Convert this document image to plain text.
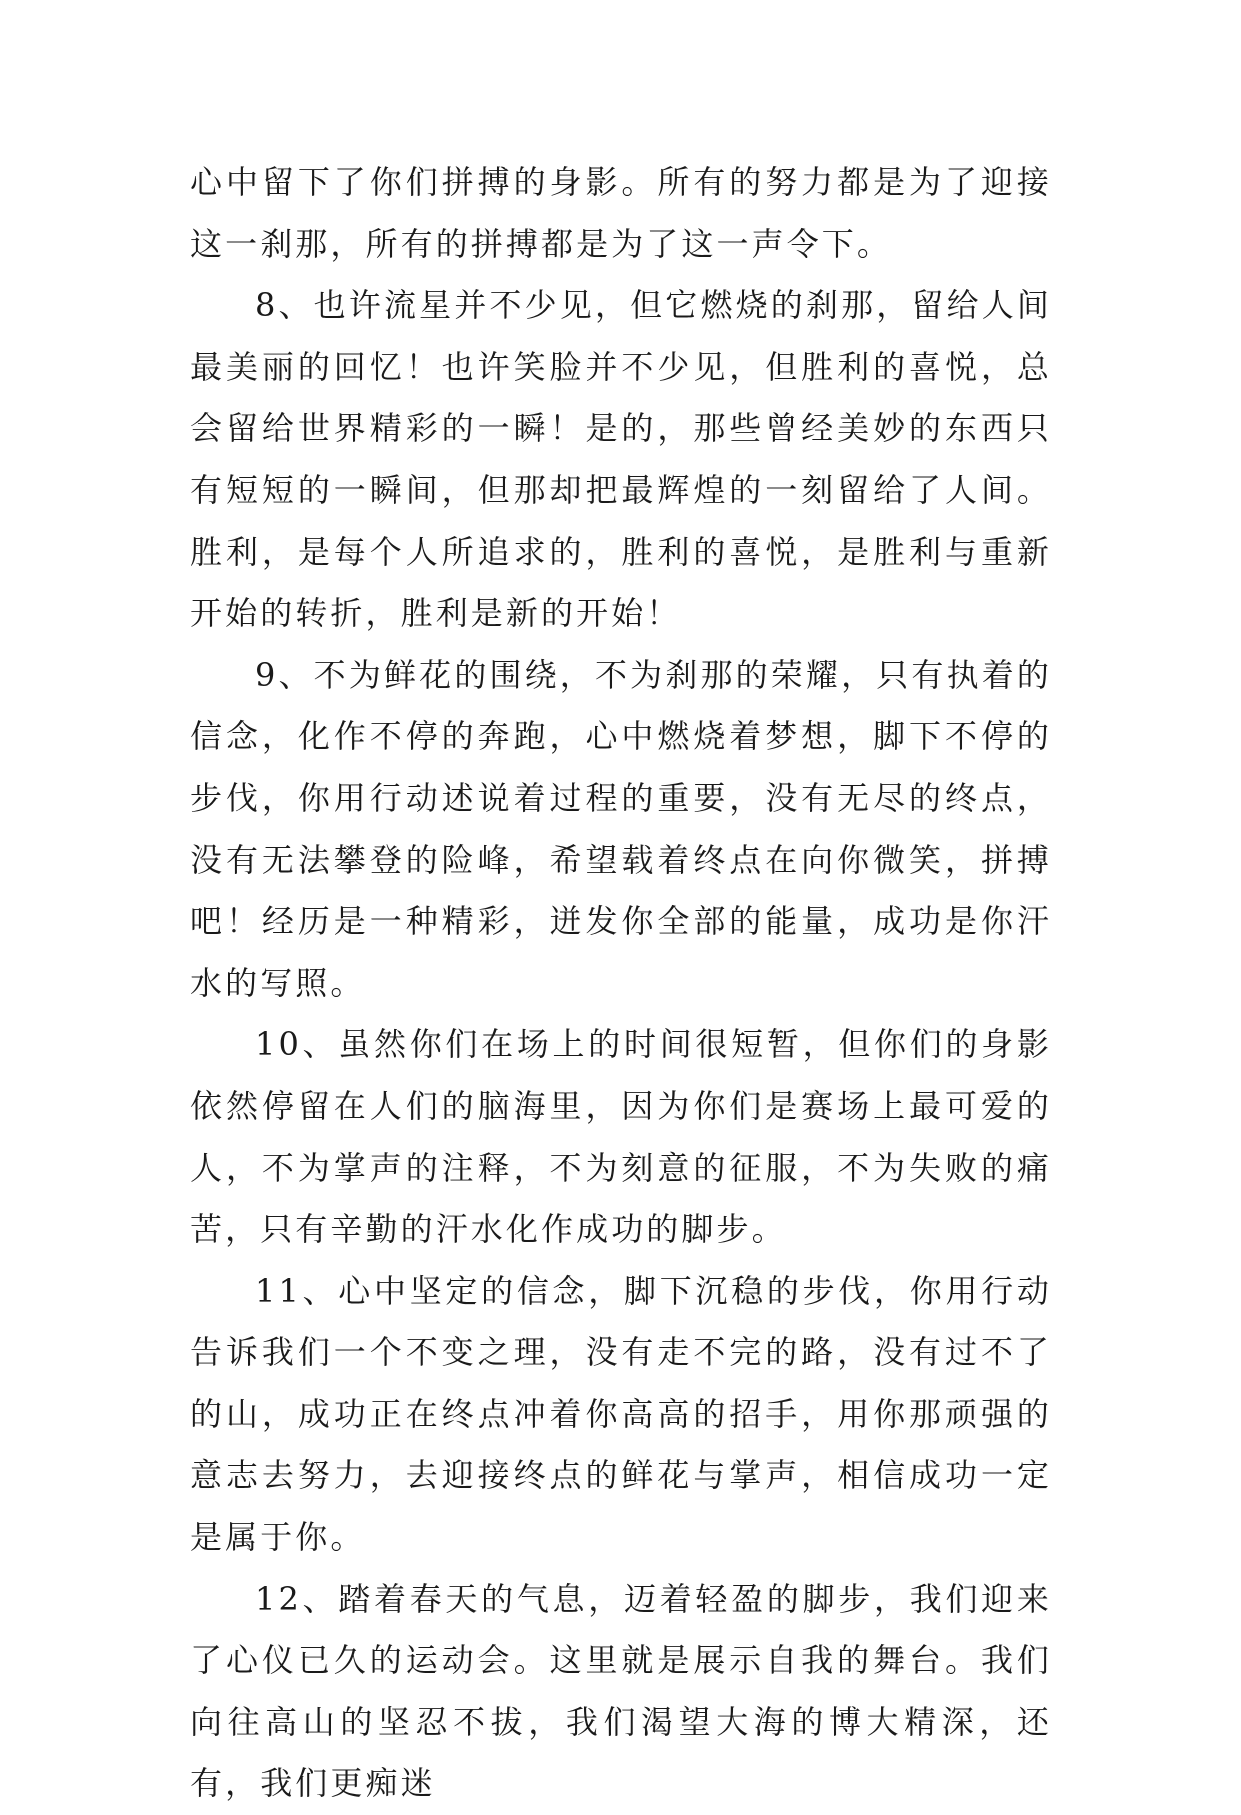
心中留下了你们拼搏的身影。所有的努力都是为了迎接这一刹那，所有的拼搏都是为了这一声令下。

8、也许流星并不少见，但它燃烧的刹那，留给人间最美丽的回忆！也许笑脸并不少见，但胜利的喜悦，总会留给世界精彩的一瞬！是的，那些曾经美妙的东西只有短短的一瞬间，但那却把最辉煌的一刻留给了人间。胜利，是每个人所追求的，胜利的喜悦，是胜利与重新开始的转折，胜利是新的开始！

9、不为鲜花的围绕，不为刹那的荣耀，只有执着的信念，化作不停的奔跑，心中燃烧着梦想，脚下不停的步伐，你用行动述说着过程的重要，没有无尽的终点，没有无法攀登的险峰，希望载着终点在向你微笑，拼搏吧！经历是一种精彩，迸发你全部的能量，成功是你汗水的写照。

10、虽然你们在场上的时间很短暂，但你们的身影依然停留在人们的脑海里，因为你们是赛场上最可爱的人，不为掌声的注释，不为刻意的征服，不为失败的痛苦，只有辛勤的汗水化作成功的脚步。

11、心中坚定的信念，脚下沉稳的步伐，你用行动告诉我们一个不变之理，没有走不完的路，没有过不了的山，成功正在终点冲着你高高的招手，用你那顽强的意志去努力，去迎接终点的鲜花与掌声，相信成功一定是属于你。

12、踏着春天的气息，迈着轻盈的脚步，我们迎来了心仪已久的运动会。这里就是展示自我的舞台。我们向往高山的坚忍不拔，我们渴望大海的博大精深，还有，我们更痴迷
